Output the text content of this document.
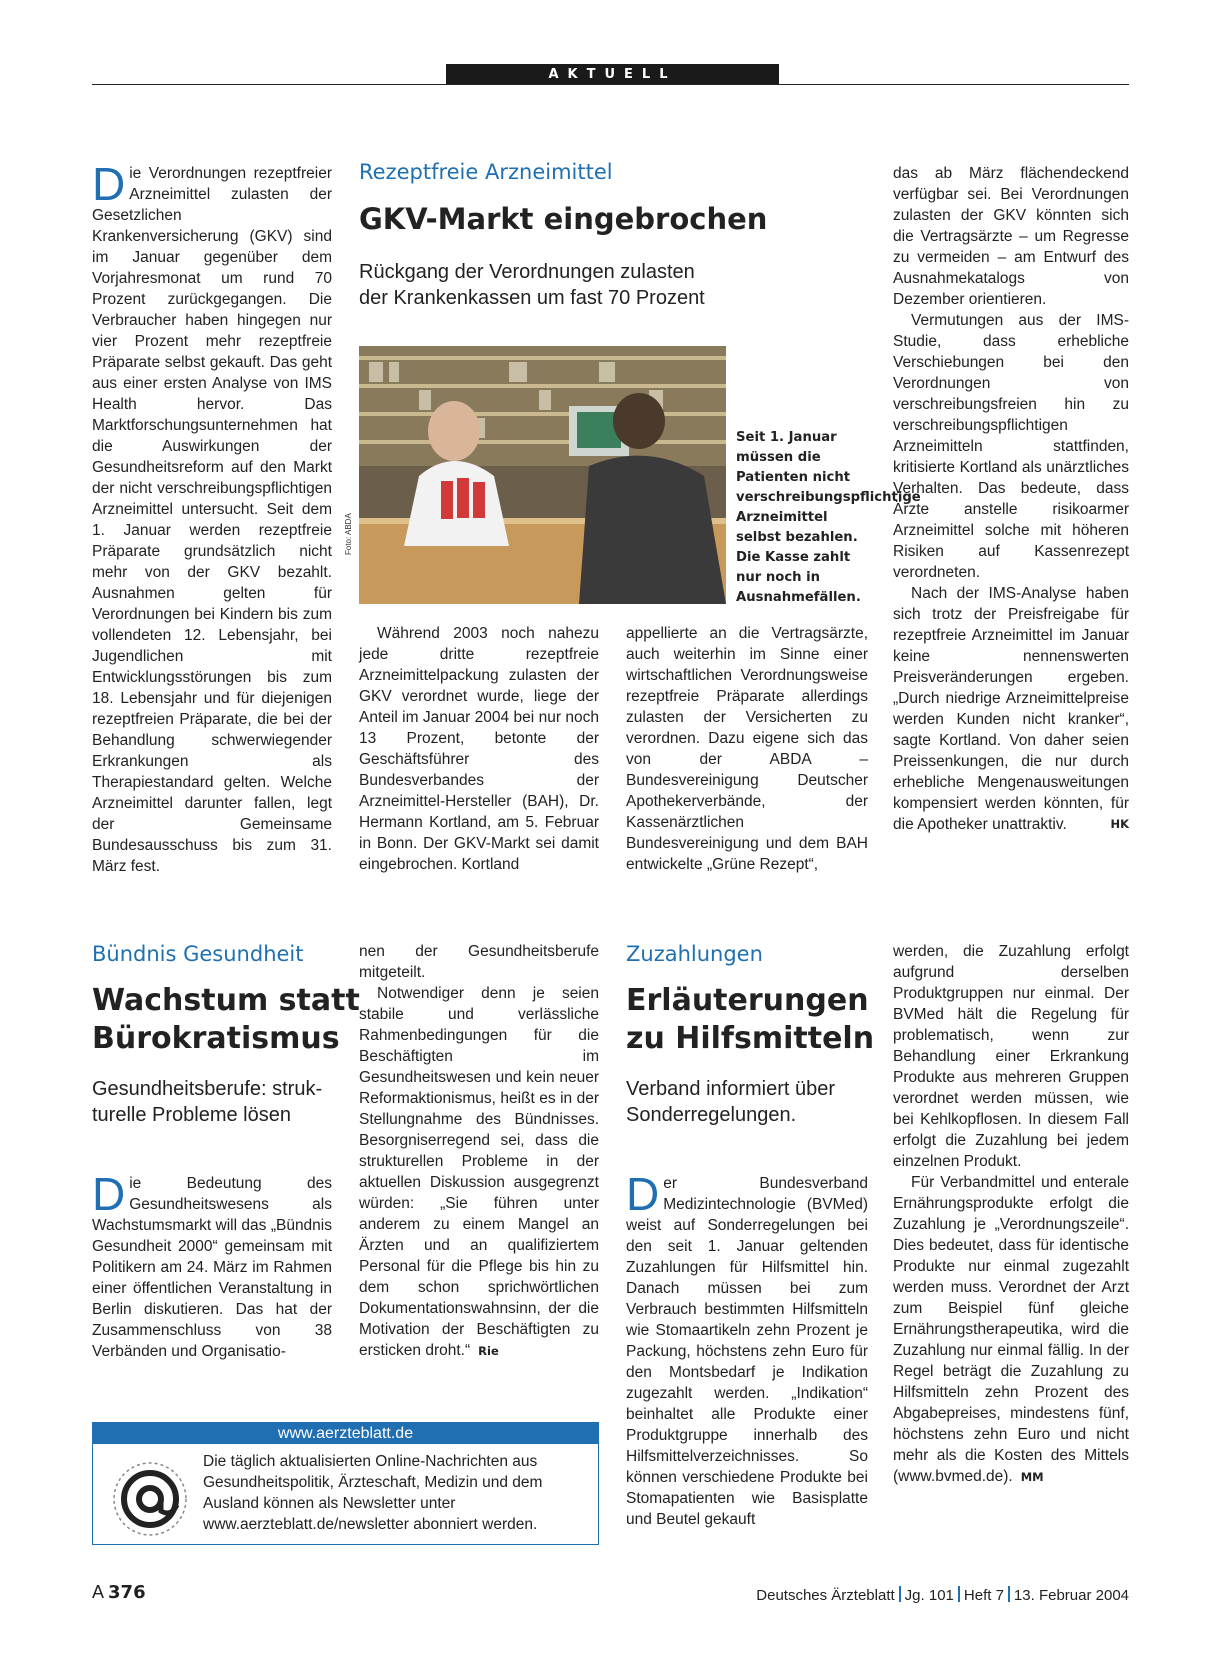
AKTUELL

Die Verordnungen rezeptfreier Arzneimittel zulasten der Gesetzlichen Krankenversicherung (GKV) sind im Januar gegenüber dem Vorjahresmonat um rund 70 Prozent zurückgegangen. Die Verbraucher haben hingegen nur vier Prozent mehr rezeptfreie Präparate selbst gekauft. Das geht aus einer ersten Analyse von IMS Health hervor. Das Marktforschungsunternehmen hat die Auswirkungen der Gesundheitsreform auf den Markt der nicht verschreibungspflichtigen Arzneimittel untersucht. Seit dem 1. Januar werden rezeptfreie Präparate grundsätzlich nicht mehr von der GKV bezahlt. Ausnahmen gelten für Verordnungen bei Kindern bis zum vollendeten 12. Lebensjahr, bei Jugendlichen mit Entwicklungsstörungen bis zum 18. Lebensjahr und für diejenigen rezeptfreien Präparate, die bei der Behandlung schwerwiegender Erkrankungen als Therapiestandard gelten. Welche Arzneimittel darunter fallen, legt der Gemeinsame Bundesausschuss bis zum 31. März fest.

Rezeptfreie Arzneimittel
GKV-Markt eingebrochen
Rückgang der Verordnungen zulasten
der Krankenkassen um fast 70 Prozent
Foto: ABDA
Seit 1. Januar müssen die Patienten nicht verschreibungspflichtige Arzneimittel selbst bezahlen. Die Kasse zahlt nur noch in Ausnahmefällen.

Während 2003 noch nahezu jede dritte rezeptfreie Arzneimittelpackung zulasten der GKV verordnet wurde, liege der Anteil im Januar 2004 bei nur noch 13 Prozent, betonte der Geschäftsführer des Bundesverbandes der Arzneimittel-Hersteller (BAH), Dr. Hermann Kortland, am 5. Februar in Bonn. Der GKV-Markt sei damit eingebrochen. Kortland

appellierte an die Vertragsärzte, auch weiterhin im Sinne einer wirtschaftlichen Verordnungsweise rezeptfreie Präparate allerdings zulasten der Versicherten zu verordnen. Dazu eigene sich das von der ABDA – Bundesvereinigung Deutscher Apothekerverbände, der Kassenärztlichen Bundesvereinigung und dem BAH entwickelte „Grüne Rezept“,

das ab März flächendeckend verfügbar sei. Bei Verordnungen zulasten der GKV könnten sich die Vertragsärzte – um Regresse zu vermeiden – am Entwurf des Ausnahmekatalogs von Dezember orientieren.

Vermutungen aus der IMS-Studie, dass erhebliche Verschiebungen bei den Verordnungen von verschreibungsfreien hin zu verschreibungspflichtigen Arzneimitteln stattfinden, kritisierte Kortland als unärztliches Verhalten. Das bedeute, dass Ärzte anstelle risikoarmer Arzneimittel solche mit höheren Risiken auf Kassenrezept verordneten.

Nach der IMS-Analyse haben sich trotz der Preisfreigabe für rezeptfreie Arzneimittel im Januar keine nennenswerten Preisveränderungen ergeben. „Durch niedrige Arzneimittelpreise werden Kunden nicht kranker“, sagte Kortland. Von daher seien Preissenkungen, die nur durch erhebliche Mengenausweitungen kompensiert werden könnten, für die Apotheker unattraktiv.	HK

Bündnis Gesundheit
Wachstum statt
Bürokratismus
Gesundheitsberufe: struk-
turelle Probleme lösen

Die Bedeutung des Gesundheitswesens als Wachstumsmarkt will das „Bündnis Gesundheit 2000“ gemeinsam mit Politikern am 24. März im Rahmen einer öffentlichen Veranstaltung in Berlin diskutieren. Das hat der Zusammenschluss von 38 Verbänden und Organisatio-

nen der Gesundheitsberufe mitgeteilt.

Notwendiger denn je seien stabile und verlässliche Rahmenbedingungen für die Beschäftigten im Gesundheitswesen und kein neuer Reformaktionismus, heißt es in der Stellungnahme des Bündnisses. Besorgniserregend sei, dass die strukturellen Probleme in der aktuellen Diskussion ausgegrenzt würden: „Sie führen unter anderem zu einem Mangel an Ärzten und an qualifiziertem Personal für die Pflege bis hin zu dem schon sprichwörtlichen Dokumentationswahnsinn, der die Motivation der Beschäftigten zu ersticken droht.“ Rie

www.aerzteblatt.de
Die täglich aktualisierten Online-Nachrichten aus Gesundheitspolitik, Ärzteschaft, Medizin und dem Ausland können als Newsletter unter www.aerzteblatt.de/newsletter abonniert werden.
Zuzahlungen
Erläuterungen
zu Hilfsmitteln
Verband informiert über
Sonderregelungen.

Der Bundesverband Medizintechnologie (BVMed) weist auf Sonderregelungen bei den seit 1. Januar geltenden Zuzahlungen für Hilfsmittel hin. Danach müssen bei zum Verbrauch bestimmten Hilfsmitteln wie Stomaartikeln zehn Prozent je Packung, höchstens zehn Euro für den Montsbedarf je Indikation zugezahlt werden. „Indikation“ beinhaltet alle Produkte einer Produktgruppe innerhalb des Hilfsmittelverzeichnisses. So können verschiedene Produkte bei Stomapatienten wie Basisplatte und Beutel gekauft

werden, die Zuzahlung erfolgt aufgrund derselben Produktgruppen nur einmal. Der BVMed hält die Regelung für problematisch, wenn zur Behandlung einer Erkrankung Produkte aus mehreren Gruppen verordnet werden müssen, wie bei Kehlkopflosen. In diesem Fall erfolgt die Zuzahlung bei jedem einzelnen Produkt.

Für Verbandmittel und enterale Ernährungsprodukte erfolgt die Zuzahlung je „Verordnungszeile“. Dies bedeutet, dass für identische Produkte nur einmal zugezahlt werden muss. Verordnet der Arzt zum Beispiel fünf gleiche Ernährungstherapeutika, wird die Zuzahlung nur einmal fällig. In der Regel beträgt die Zuzahlung zu Hilfsmitteln zehn Prozent des Abgabepreises, mindestens fünf, höchstens zehn Euro und nicht mehr als die Kosten des Mittels (www.bvmed.de). MM

A 376	Deutsches Ärzteblatt Jg. 101 Heft 7 13. Februar 2004
